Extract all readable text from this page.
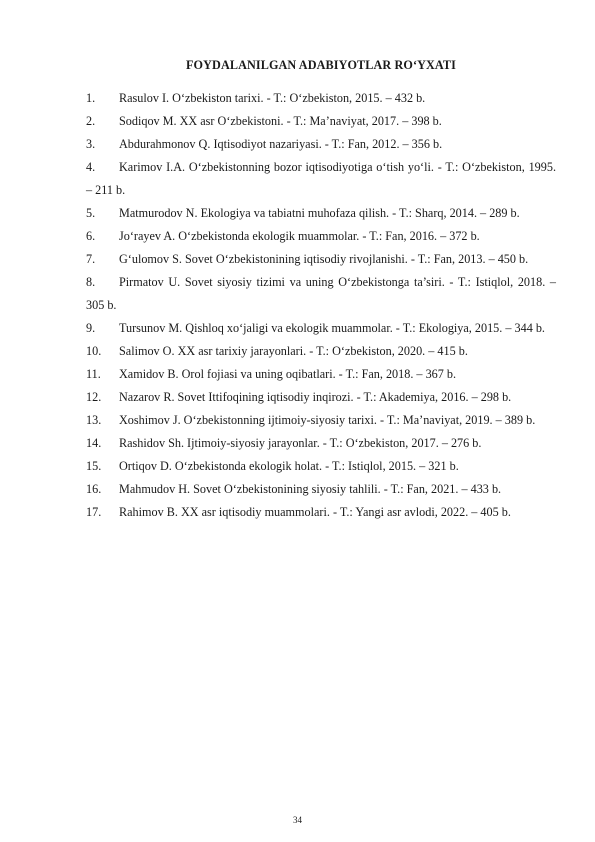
FOYDALANILGAN ADABIYOTLAR RO‘YXATI
1. Rasulov I. O‘zbekiston tarixi. - T.: O‘zbekiston, 2015. – 432 b.
2. Sodiqov M. XX asr O‘zbekistoni. - T.: Ma’naviyat, 2017. – 398 b.
3. Abdurahmonov Q. Iqtisodiyot nazariyasi. - T.: Fan, 2012. – 356 b.
4. Karimov I.A. O‘zbekistonning bozor iqtisodiyotiga o‘tish yo‘li. - T.: O‘zbekiston, 1995. – 211 b.
5. Matmurodov N. Ekologiya va tabiatni muhofaza qilish. - T.: Sharq, 2014. – 289 b.
6. Jo‘rayev A. O‘zbekistonda ekologik muammolar. - T.: Fan, 2016. – 372 b.
7. G‘ulomov S. Sovet O‘zbekistonining iqtisodiy rivojlanishi. - T.: Fan, 2013. – 450 b.
8. Pirmatov U. Sovet siyosiy tizimi va uning O‘zbekistonga ta’siri. - T.: Istiqlol, 2018. – 305 b.
9. Tursunov M. Qishloq xo‘jaligi va ekologik muammolar. - T.: Ekologiya, 2015. – 344 b.
10. Salimov O. XX asr tarixiy jarayonlari. - T.: O‘zbekiston, 2020. – 415 b.
11. Xamidov B. Orol fojiasi va uning oqibatlari. - T.: Fan, 2018. – 367 b.
12. Nazarov R. Sovet Ittifoqining iqtisodiy inqirozi. - T.: Akademiya, 2016. – 298 b.
13. Xoshimov J. O‘zbekistonning ijtimoiy-siyosiy tarixi. - T.: Ma’naviyat, 2019. – 389 b.
14. Rashidov Sh. Ijtimoiy-siyosiy jarayonlar. - T.: O‘zbekiston, 2017. – 276 b.
15. Ortiqov D. O‘zbekistonda ekologik holat. - T.: Istiqlol, 2015. – 321 b.
16. Mahmudov H. Sovet O‘zbekistonining siyosiy tahlili. - T.: Fan, 2021. – 433 b.
17. Rahimov B. XX asr iqtisodiy muammolari. - T.: Yangi asr avlodi, 2022. – 405 b.
34
